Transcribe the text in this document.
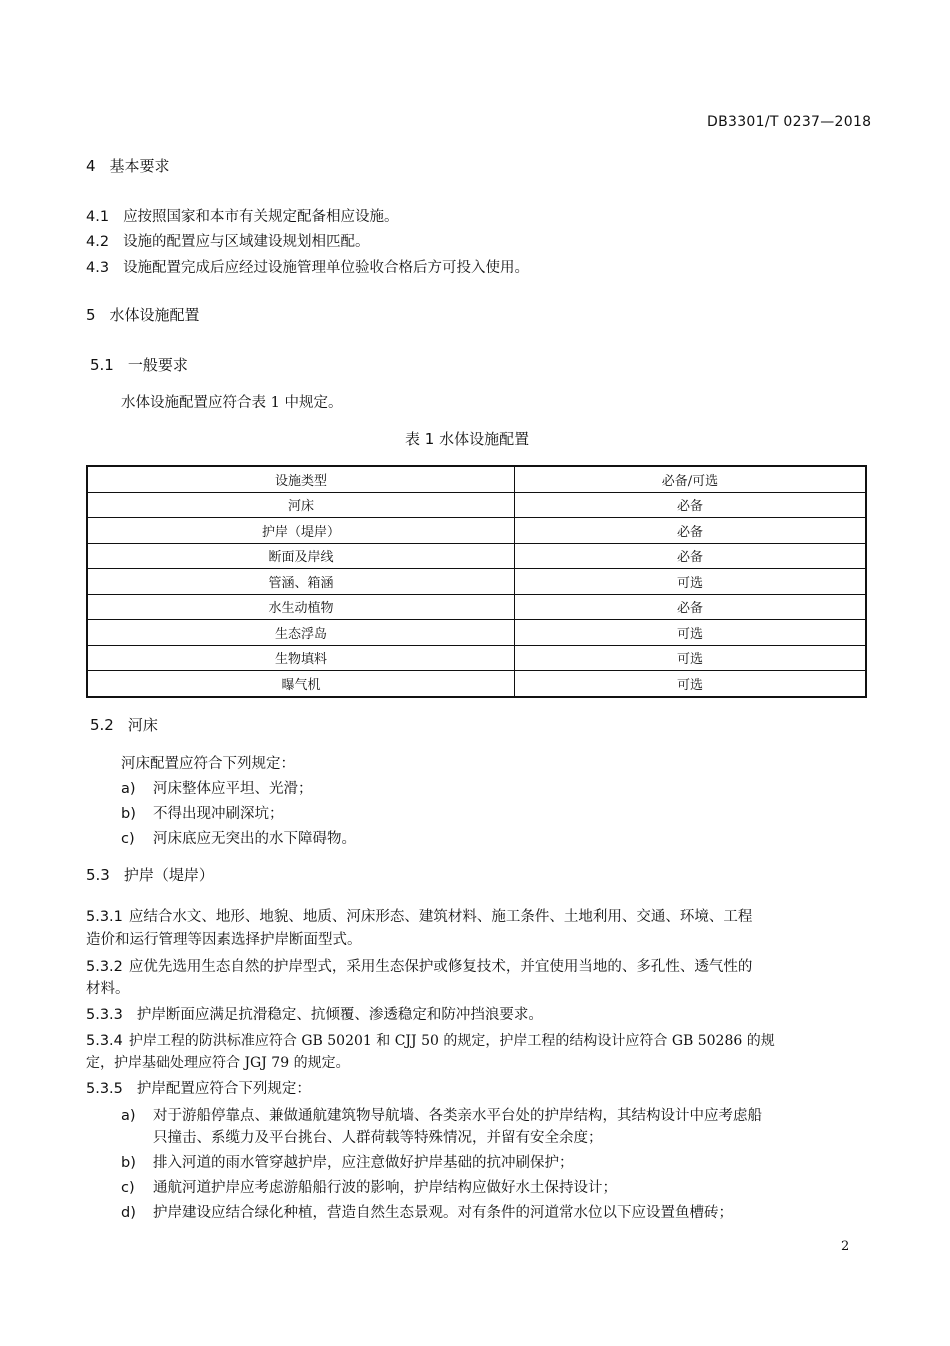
DB3301/T 0237—2018
4 基本要求
4.1 应按照国家和本市有关规定配备相应设施。
4.2 设施的配置应与区域建设规划相匹配。
4.3 设施配置完成后应经过设施管理单位验收合格后方可投入使用。
5 水体设施配置
5.1 一般要求
水体设施配置应符合表 1 中规定。
表 1 水体设施配置
设施类型	必备/可选
河床	必备
护岸（堤岸）	必备
断面及岸线	必备
管涵、箱涵	可选
水生动植物	必备
生态浮岛	可选
生物填料	可选
曝气机	可选
5.2 河床
河床配置应符合下列规定：
a) 河床整体应平坦、光滑；
b) 不得出现冲刷深坑；
c) 河床底应无突出的水下障碍物。
5.3 护岸（堤岸）
5.3.1 应结合水文、地形、地貌、地质、河床形态、建筑材料、施工条件、土地利用、交通、环境、工程
造价和运行管理等因素选择护岸断面型式。
5.3.2 应优先选用生态自然的护岸型式，采用生态保护或修复技术，并宜使用当地的、多孔性、透气性的
材料。
5.3.3 护岸断面应满足抗滑稳定、抗倾覆、渗透稳定和防冲挡浪要求。
5.3.4 护岸工程的防洪标准应符合 GB 50201 和 CJJ 50 的规定，护岸工程的结构设计应符合 GB 50286 的规
定，护岸基础处理应符合 JGJ 79 的规定。
5.3.5 护岸配置应符合下列规定：
a) 对于游船停靠点、兼做通航建筑物导航墙、各类亲水平台处的护岸结构，其结构设计中应考虑船
只撞击、系缆力及平台挑台、人群荷载等特殊情况，并留有安全余度；
b) 排入河道的雨水管穿越护岸，应注意做好护岸基础的抗冲刷保护；
c) 通航河道护岸应考虑游船船行波的影响，护岸结构应做好水土保持设计；
d) 护岸建设应结合绿化种植，营造自然生态景观。对有条件的河道常水位以下应设置鱼槽砖；
2
